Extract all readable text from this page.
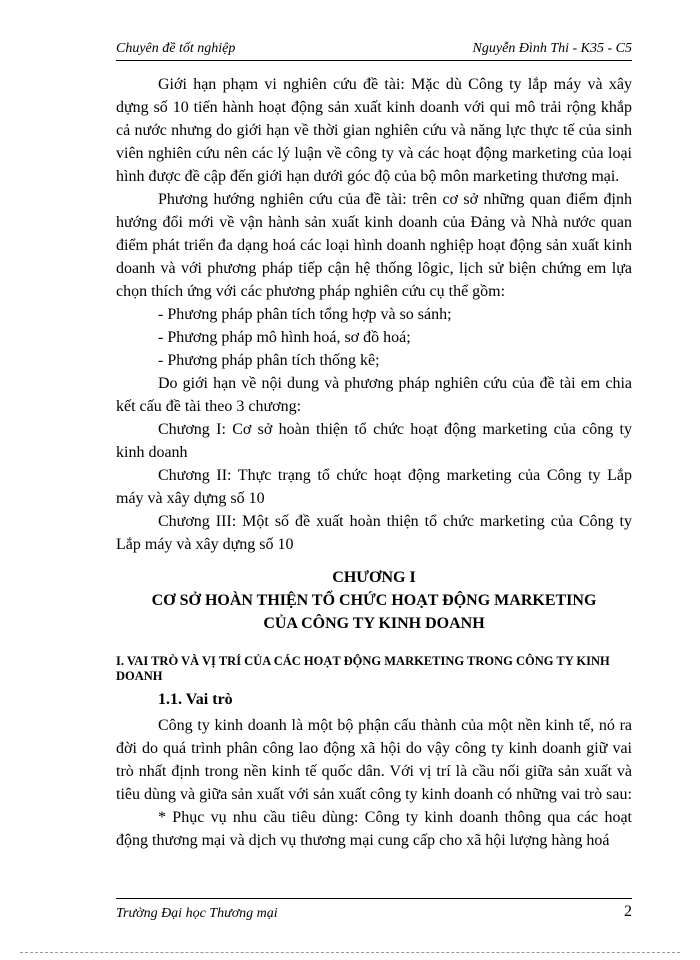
Chuyên đề tốt nghiệp	Nguyễn Đình Thi - K35 - C5

Giới hạn phạm vi nghiên cứu đề tài: Mặc dù Công ty lắp máy và xây dựng số 10 tiến hành hoạt động sản xuất kinh doanh với qui mô trải rộng khắp cả nước nhưng do giới hạn về thời gian nghiên cứu và năng lực thực tế của sinh viên nghiên cứu nên các lý luận về công ty và các hoạt động marketing của loại hình được đề cập đến giới hạn dưới góc độ của bộ môn marketing thương mại.

Phương hướng nghiên cứu của đề tài: trên cơ sở những quan điểm định hướng đổi mới về vận hành sản xuất kinh doanh của Đảng và Nhà nước quan điểm phát triển đa dạng hoá các loại hình doanh nghiệp hoạt động sản xuất kinh doanh và với phương pháp tiếp cận hệ thống lôgic, lịch sử biện chứng em lựa chọn thích ứng với các phương pháp nghiên cứu cụ thể gồm:

- Phương pháp phân tích tổng hợp và so sánh;

- Phương pháp mô hình hoá, sơ đồ hoá;

- Phương pháp phân tích thống kê;

Do giới hạn về nội dung và phương pháp nghiên cứu của đề tài em chia kết cấu đề tài theo 3 chương:

Chương I: Cơ sở hoàn thiện tổ chức hoạt động marketing của công ty kinh doanh

Chương II: Thực trạng tổ chức hoạt động marketing của Công ty Lắp máy và xây dựng số 10

Chương III: Một số đề xuất hoàn thiện tổ chức marketing của Công ty Lắp máy và xây dựng số 10

CHƯƠNG I
CƠ SỞ HOÀN THIỆN TỔ CHỨC HOẠT ĐỘNG MARKETING
CỦA CÔNG TY KINH DOANH
I. VAI TRÒ VÀ VỊ TRÍ CỦA CÁC HOẠT ĐỘNG MARKETING TRONG CÔNG TY KINH DOANH
1.1. Vai trò

Công ty kinh doanh là một bộ phận cấu thành của một nền kinh tế, nó ra đời do quá trình phân công lao động xã hội do vậy công ty kinh doanh giữ vai trò nhất định trong nền kinh tế quốc dân. Với vị trí là cầu nối giữa sản xuất và tiêu dùng và giữa sản xuất với sản xuất công ty kinh doanh có những vai trò sau:

* Phục vụ nhu cầu tiêu dùng: Công ty kinh doanh thông qua các hoạt động thương mại và dịch vụ thương mại cung cấp cho xã hội lượng hàng hoá

Trường Đại học Thương mại	2
